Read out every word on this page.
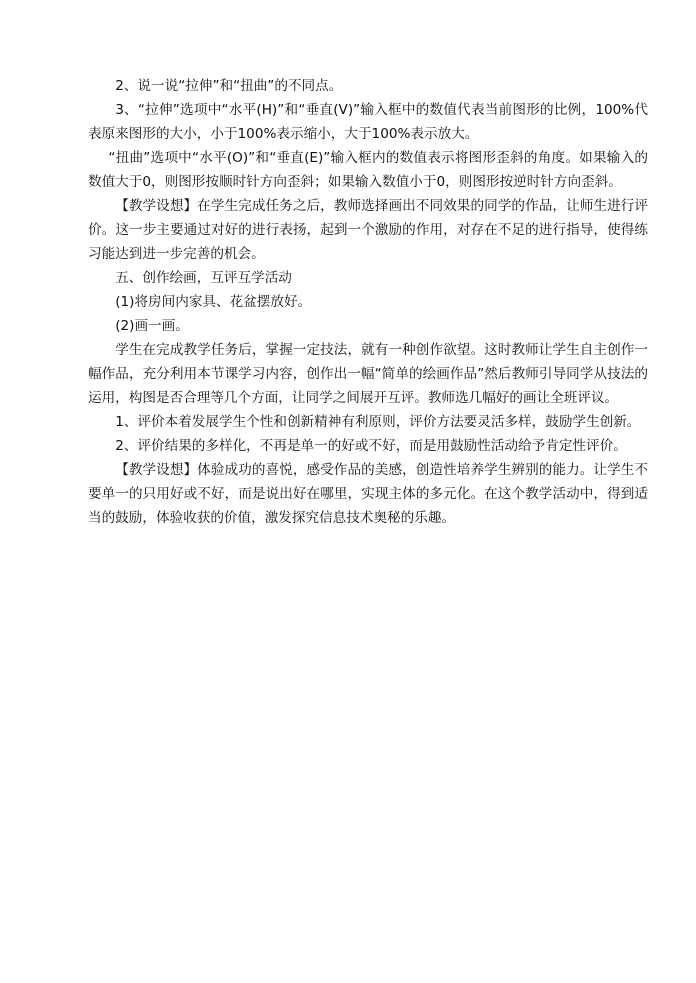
2、说一说“拉伸”和“扭曲”的不同点。

3、“拉伸”选项中“水平(H)”和“垂直(V)”输入框中的数值代表当前图形的比例，100%代表原来图形的大小，小于100%表示缩小，大于100%表示放大。

“扭曲”选项中“水平(O)”和“垂直(E)”输入框内的数值表示将图形歪斜的角度。如果输入的数值大于0，则图形按顺时针方向歪斜；如果输入数值小于0，则图形按逆时针方向歪斜。

【教学设想】在学生完成任务之后，教师选择画出不同效果的同学的作品，让师生进行评价。这一步主要通过对好的进行表扬，起到一个激励的作用，对存在不足的进行指导，使得练习能达到进一步完善的机会。

五、创作绘画，互评互学活动

(1)将房间内家具、花盆摆放好。

(2)画一画。

学生在完成教学任务后，掌握一定技法，就有一种创作欲望。这时教师让学生自主创作一幅作品，充分利用本节课学习内容，创作出一幅“简单的绘画作品”然后教师引导同学从技法的运用，构图是否合理等几个方面，让同学之间展开互评。教师选几幅好的画让全班评议。

1、评价本着发展学生个性和创新精神有利原则，评价方法要灵活多样，鼓励学生创新。

2、评价结果的多样化，不再是单一的好或不好，而是用鼓励性活动给予肯定性评价。

【教学设想】体验成功的喜悦，感受作品的美感，创造性培养学生辨别的能力。让学生不要单一的只用好或不好，而是说出好在哪里，实现主体的多元化。在这个教学活动中，得到适当的鼓励，体验收获的价值，激发探究信息技术奥秘的乐趣。
